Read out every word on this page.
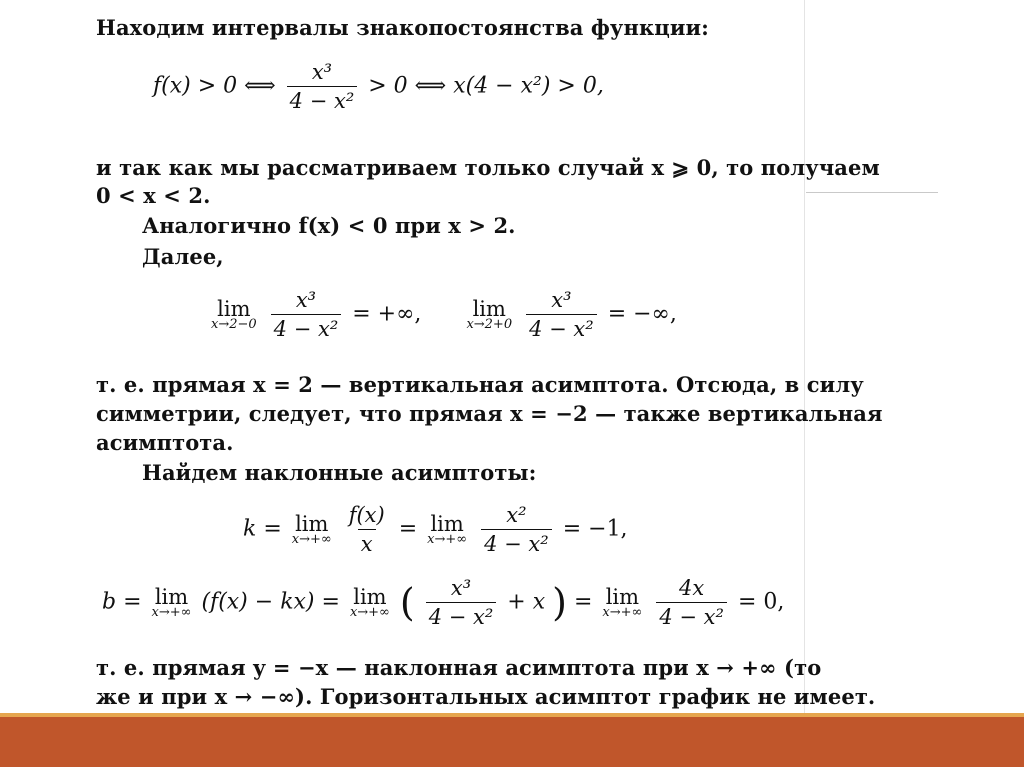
Находим интервалы знакопостоянства функции:
f(x) > 0 ⟺ $\frac{\text{x³}}{\text{4 − x²}} > 0$ ⟺ x(4 − x²) > 0,
и так как мы рассматриваем только случай x ⩾ 0, то получаем
0 < x < 2.
Аналогично f(x) < 0 при x > 2.
Далее,
lim
x→2−0
$\frac{\text{x³}}{\text{4 − x²}}$ = +∞, lim
x→2+0
$\frac{\text{x³}}{\text{4 − x²}}$ = −∞,
т. е. прямая x = 2 — вертикальная асимптота. Отсюда, в силу
симметрии, следует, что прямая x = −2 — также вертикальная
асимптота.
Найдем наклонные асимптоты:
k = lim
x→+∞
$\frac{f(x)}{x} = \lim$
x→+∞
$\frac{\text{x²}}{\text{4 − x²}} = -1$,
b = lim
x→+∞ (f(x) − kx) = lim
x→+∞ ( $\frac{\text{x³}}{\text{4 − x²}} + x$ ) = lim
x→+∞
$\frac{4x}{\text{4 − x²}} = 0$,
т. е. прямая y = −x — наклонная асимптота при x → +∞ (то
же и при x → −∞). Горизонтальных асимптот график не имеет.
